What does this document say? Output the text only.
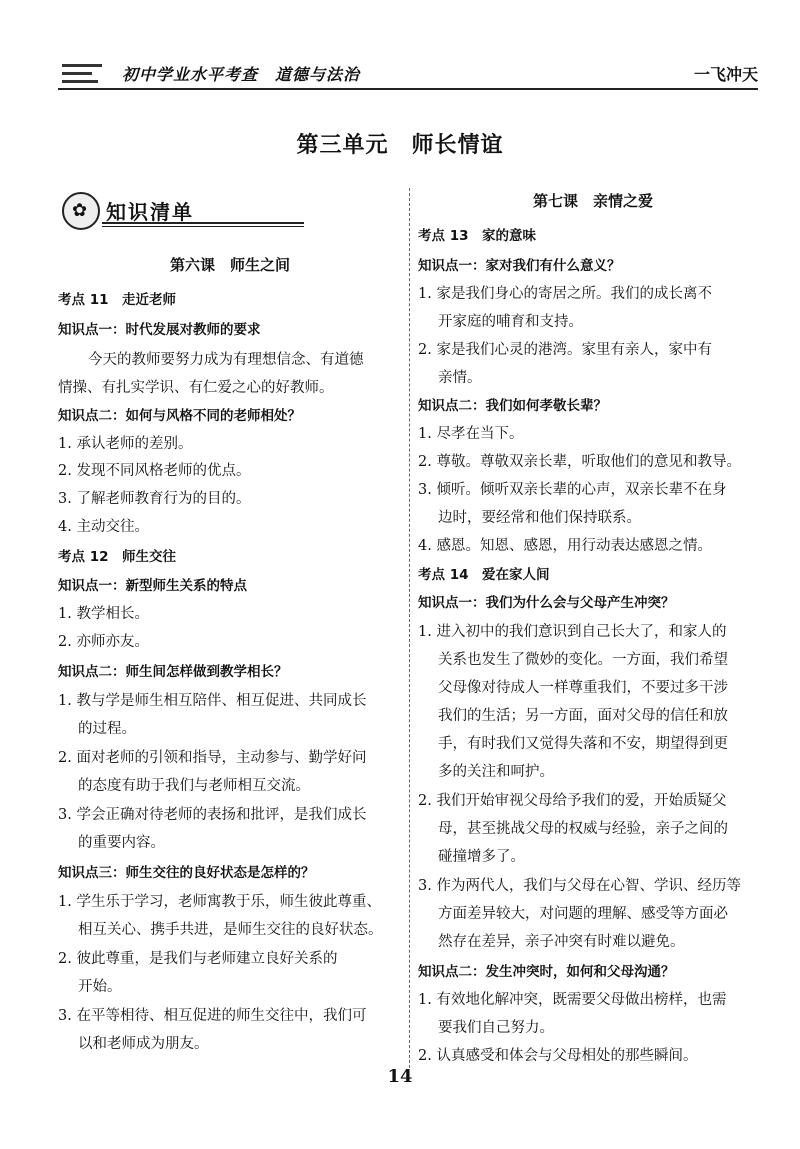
初中学业水平考查　道德与法治	一飞冲天
第三单元　师长情谊
✿ 知识清单
第六课　师生之间
考点 11　走近老师
知识点一：时代发展对教师的要求
今天的教师要努力成为有理想信念、有道德
情操、有扎实学识、有仁爱之心的好教师。
知识点二：如何与风格不同的老师相处？
1. 承认老师的差别。
2. 发现不同风格老师的优点。
3. 了解老师教育行为的目的。
4. 主动交往。
考点 12　师生交往
知识点一：新型师生关系的特点
1. 教学相长。
2. 亦师亦友。
知识点二：师生间怎样做到教学相长？
1. 教与学是师生相互陪伴、相互促进、共同成长
的过程。
2. 面对老师的引领和指导，主动参与、勤学好问
的态度有助于我们与老师相互交流。
3. 学会正确对待老师的表扬和批评，是我们成长
的重要内容。
知识点三：师生交往的良好状态是怎样的？
1. 学生乐于学习，老师寓教于乐，师生彼此尊重、
相互关心、携手共进，是师生交往的良好状态。
2. 彼此尊重，是我们与老师建立良好关系的
开始。
3. 在平等相待、相互促进的师生交往中，我们可
以和老师成为朋友。
第七课　亲情之爱
考点 13　家的意味
知识点一：家对我们有什么意义？
1. 家是我们身心的寄居之所。我们的成长离不
开家庭的哺育和支持。
2. 家是我们心灵的港湾。家里有亲人，家中有
亲情。
知识点二：我们如何孝敬长辈？
1. 尽孝在当下。
2. 尊敬。尊敬双亲长辈，听取他们的意见和教导。
3. 倾听。倾听双亲长辈的心声，双亲长辈不在身
边时，要经常和他们保持联系。
4. 感恩。知恩、感恩，用行动表达感恩之情。
考点 14　爱在家人间
知识点一：我们为什么会与父母产生冲突？
1. 进入初中的我们意识到自己长大了，和家人的
关系也发生了微妙的变化。一方面，我们希望
父母像对待成人一样尊重我们，不要过多干涉
我们的生活；另一方面，面对父母的信任和放
手，有时我们又觉得失落和不安，期望得到更
多的关注和呵护。
2. 我们开始审视父母给予我们的爱，开始质疑父
母，甚至挑战父母的权威与经验，亲子之间的
碰撞增多了。
3. 作为两代人，我们与父母在心智、学识、经历等
方面差异较大，对问题的理解、感受等方面必
然存在差异，亲子冲突有时难以避免。
知识点二：发生冲突时，如何和父母沟通？
1. 有效地化解冲突，既需要父母做出榜样，也需
要我们自己努力。
2. 认真感受和体会与父母相处的那些瞬间。
14
